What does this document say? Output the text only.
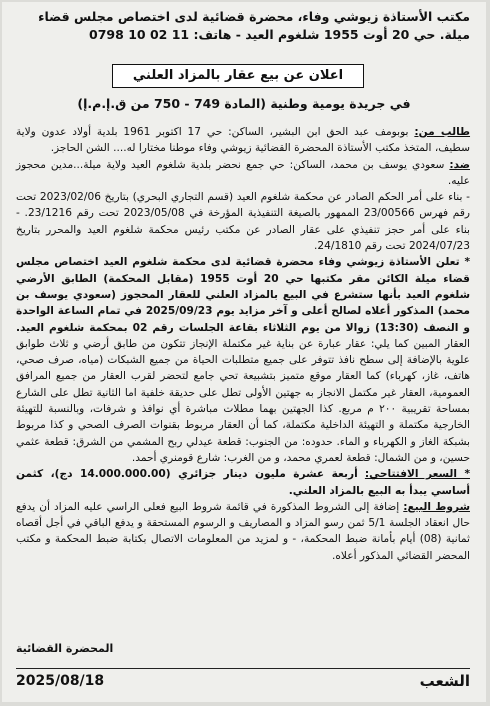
مكتب الأستاذة زيوشي وفاء، محضرة قضائية لدى اختصاص مجلس قضاء
ميلة. حي 20 أوت 1955 شلغوم العيد - هاتف: 11 02 10 0798
اعلان عن بيع عقار بالمزاد العلني
في جريدة يومية وطنية (المادة 749 - 750 من ق.إ.م.إ)

طالب من: بوبومف عبد الحق ابن البشير، الساكن: حي 17 اكتوبر 1961 بلدية أولاد عدون ولاية سطيف، المتخذ مكتب الأستاذة المحضرة القضائية زيوشي وفاء موطنا مختارا له.... الشن الحاجز.

ضد: سعودي يوسف بن محمد، الساكن: حي جمع نحضر بلدية شلغوم العيد ولاية ميلة...مدين محجوز عليه.

- بناء على أمر الحكم الصادر عن محكمة شلغوم العيد (قسم التجاري البحري) بتاريخ 2023/02/06 تحت رقم فهرس 23/00566 الممهور بالصيغة التنفيذية المؤرخة في 2023/05/08 تحت رقم 23/1216. - بناء على أمر حجز تنفيذي على عقار الصادر عن مكتب رئيس محكمة شلغوم العيد والمحرر بتاريخ 2024/07/23 تحت رقم 24/1810.

* تعلن الأستاذة زيوشي وفاء محضرة قضائية لدى محكمة شلغوم العيد اختصاص مجلس قضاء ميلة الكائن مقر مكتبها حي 20 أوت 1955 (مقابل المحكمة) الطابق الأرضي شلغوم العيد بأنها ستشرع في البيع بالمزاد العلني للعقار المحجوز (سعودي يوسف بن محمد) المذكور أعلاه لصالح أعلى و آخر مزايد يوم 2025/09/23 في تمام الساعة الواحدة و النصف (13:30) زوالا من يوم الثلاثاء بقاعة الجلسات رقم 02 بمحكمة شلغوم العيد. العقار المبين كما يلي: عقار عبارة عن بناية غير مكتملة الإنجاز تتكون من طابق أرضي و ثلاث طوابق علوية بالإضافة إلى سطح نافذ تتوفر على جميع متطلبات الحياة من جميع الشبكات (مياه، صرف صحي، هاتف، غاز، كهرباء) كما العقار موقع متميز بتشبيعة تحي جامع لتحضر لقرب العقار من جميع المرافق العمومية، العقار غير مكتمل الانجاز به جهتين الأولى تطل على حديقة خلفية اما الثانية تطل على الشارع بمساحة تقريبية ٢٠٠ م مربع. كذا الجهتين بهما مطلات مباشرة أي نوافذ و شرفات، وبالنسبة للتهيئة الخارجية مكتملة و التهيئة الداخلية مكتملة، كما أن العقار مربوط بقنوات الصرف الصحي و كذا مربوط بشبكة الغاز و الكهرباء و الماء. حدوده: من الجنوب: قطعة عيدلي ربح المشمي من الشرق: قطعة عثمي حسين، و من الشمال: قطعة لعمري محمد، و من الغرب: شارع قومنري أحمد.

* السعر الافتتاحي: أربعة عشرة مليون دينار جزائري (14.000.000.00 دج)، كثمن أساسي يبدأ به البيع بالمزاد العلني.

شروط البيع: إضافة إلى الشروط المذكورة في قائمة شروط البيع فعلى الراسي عليه المزاد أن يدفع حال انعقاد الجلسة 5/1 ثمن رسو المزاد و المصاريف و الرسوم المستحقة و يدفع الباقي في أجل أقصاه ثمانية (08) أيام بأمانة ضبط المحكمة، - و لمزيد من المعلومات الاتصال بكتابة ضبط المحكمة و مكتب المحضر القضائي المذكور أعلاه.

المحضرة القضائية
الشعب
2025/08/18
